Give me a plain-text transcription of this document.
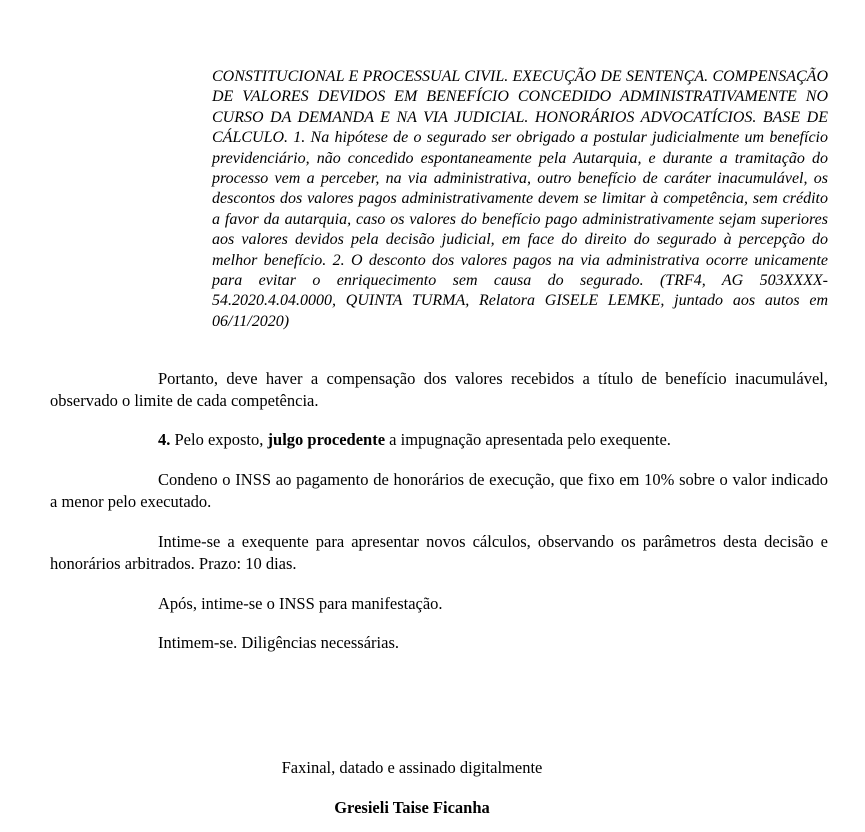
CONSTITUCIONAL E PROCESSUAL CIVIL. EXECUÇÃO DE SENTENÇA. COMPENSAÇÃO DE VALORES DEVIDOS EM BENEFÍCIO CONCEDIDO ADMINISTRATIVAMENTE NO CURSO DA DEMANDA E NA VIA JUDICIAL. HONORÁRIOS ADVOCATÍCIOS. BASE DE CÁLCULO. 1. Na hipótese de o segurado ser obrigado a postular judicialmente um benefício previdenciário, não concedido espontaneamente pela Autarquia, e durante a tramitação do processo vem a perceber, na via administrativa, outro benefício de caráter inacumulável, os descontos dos valores pagos administrativamente devem se limitar à competência, sem crédito a favor da autarquia, caso os valores do benefício pago administrativamente sejam superiores aos valores devidos pela decisão judicial, em face do direito do segurado à percepção do melhor benefício. 2. O desconto dos valores pagos na via administrativa ocorre unicamente para evitar o enriquecimento sem causa do segurado. (TRF4, AG 503XXXX-54.2020.4.04.0000, QUINTA TURMA, Relatora GISELE LEMKE, juntado aos autos em 06/11/2020)

Portanto, deve haver a compensação dos valores recebidos a título de benefício inacumulável, observado o limite de cada competência.

4. Pelo exposto, julgo procedente a impugnação apresentada pelo exequente.

Condeno o INSS ao pagamento de honorários de execução, que fixo em 10% sobre o valor indicado a menor pelo executado.

Intime-se a exequente para apresentar novos cálculos, observando os parâmetros desta decisão e honorários arbitrados. Prazo: 10 dias.

Após, intime-se o INSS para manifestação.

Intimem-se. Diligências necessárias.

Faxinal, datado e assinado digitalmente
Gresieli Taise Ficanha
